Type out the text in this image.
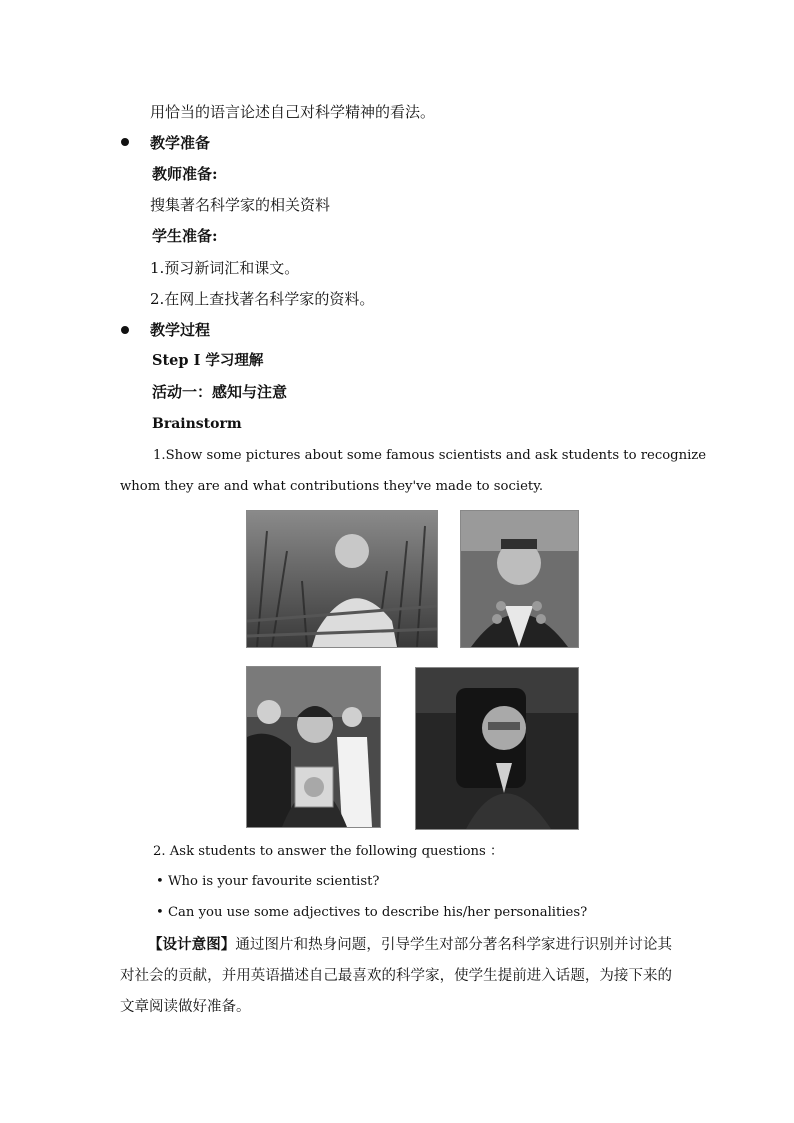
用恰当的语言论述自己对科学精神的看法。
教学准备
教师准备:
搜集著名科学家的相关资料
学生准备:
1.预习新词汇和课文。
2.在网上查找著名科学家的资料。
教学过程
Step I 学习理解
活动一：感知与注意
Brainstorm
1.Show some pictures about some famous scientists and ask students to recognize
whom they are and what contributions they've made to society.
2. Ask students to answer the following questions ：
• Who is your favourite scientist?
• Can you use some adjectives to describe his/her personalities?
【设计意图】通过图片和热身问题，引导学生对部分著名科学家进行识别并讨论其对社会的贡献，并用英语描述自己最喜欢的科学家，使学生提前进入话题，为接下来的文章阅读做好准备。
